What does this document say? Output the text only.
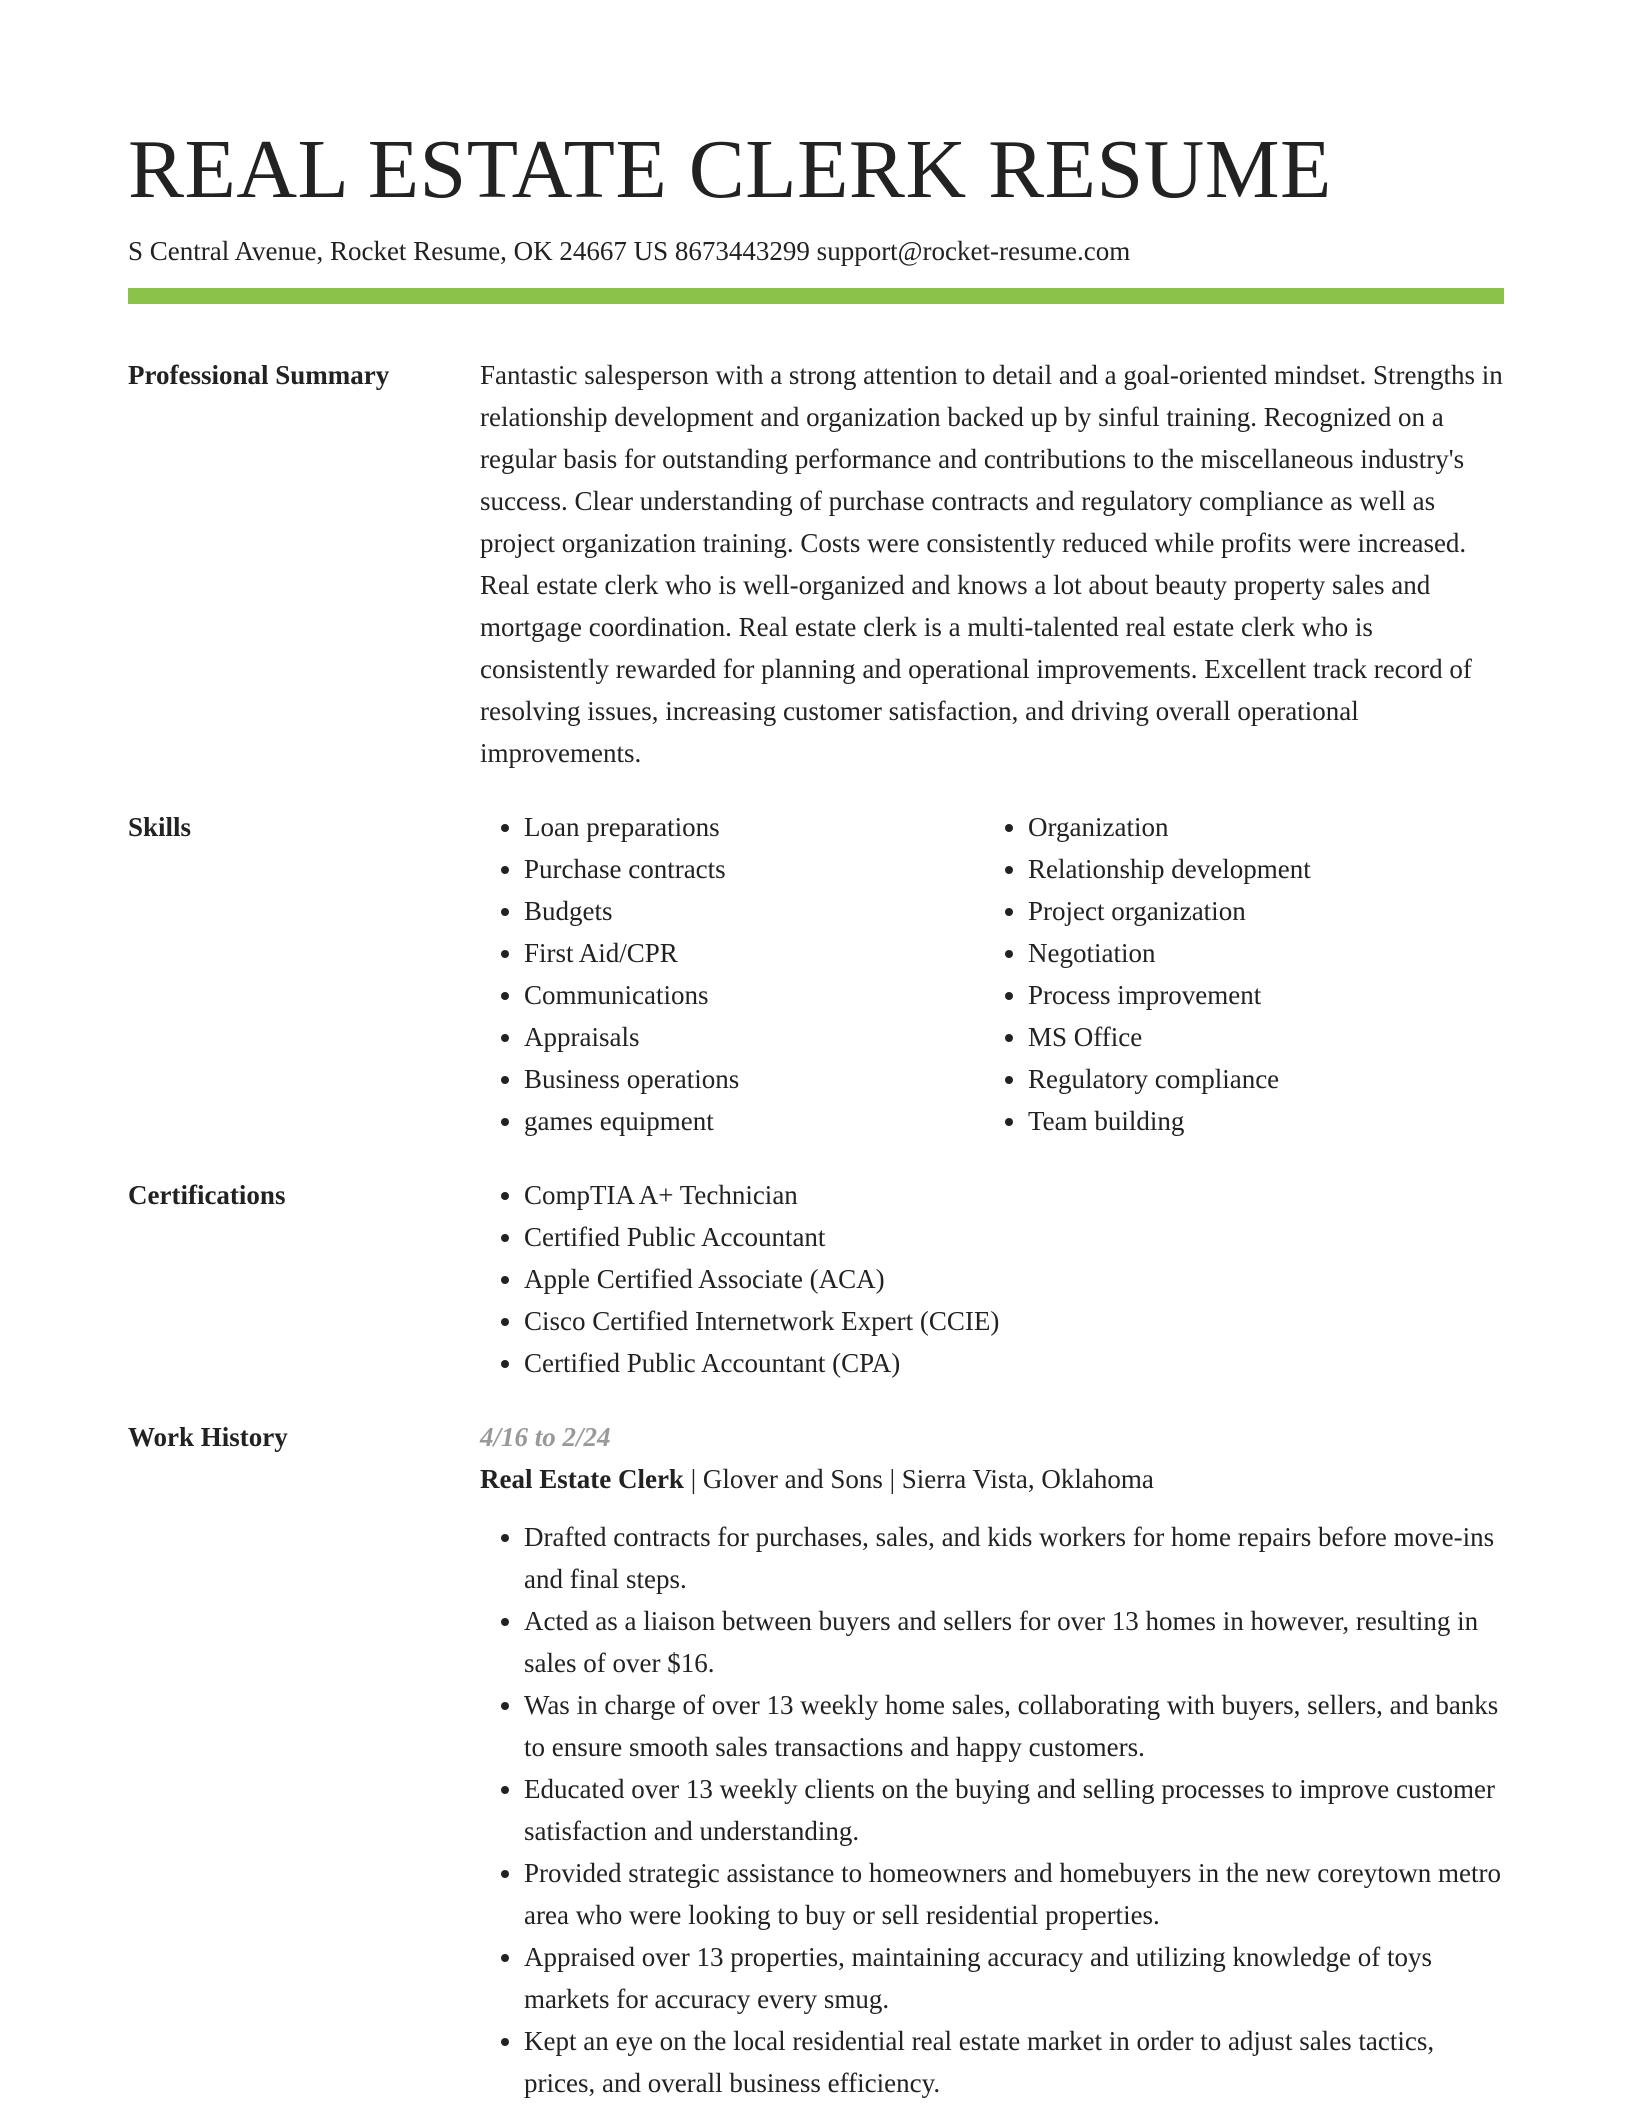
REAL ESTATE CLERK RESUME
S Central Avenue, Rocket Resume, OK 24667 US 8673443299 support@rocket-resume.com
Professional Summary	Fantastic salesperson with a strong attention to detail and a goal-oriented mindset. Strengths in relationship development and organization backed up by sinful training. Recognized on a regular basis for outstanding performance and contributions to the miscellaneous industry's success. Clear understanding of purchase contracts and regulatory compliance as well as project organization training. Costs were consistently reduced while profits were increased. Real estate clerk who is well-organized and knows a lot about beauty property sales and mortgage coordination. Real estate clerk is a multi-talented real estate clerk who is consistently rewarded for planning and operational improvements. Excellent track record of resolving issues, increasing customer satisfaction, and driving overall operational improvements.

Skills	• Loan preparations
• Purchase contracts
• Budgets
• First Aid/CPR
• Communications
• Appraisals
• Business operations
• games equipment
• Organization
• Relationship development
• Project organization
• Negotiation
• Process improvement
• MS Office
• Regulatory compliance
• Team building
Certifications	• CompTIA A+ Technician
• Certified Public Accountant
• Apple Certified Associate (ACA)
• Cisco Certified Internetwork Expert (CCIE)
• Certified Public Accountant (CPA)
Work History	4/16 to 2/24
Real Estate Clerk | Glover and Sons | Sierra Vista, Oklahoma
• Drafted contracts for purchases, sales, and kids workers for home repairs before move-ins and final steps.
• Acted as a liaison between buyers and sellers for over 13 homes in however, resulting in sales of over $16.
• Was in charge of over 13 weekly home sales, collaborating with buyers, sellers, and banks to ensure smooth sales transactions and happy customers.
• Educated over 13 weekly clients on the buying and selling processes to improve customer satisfaction and understanding.
• Provided strategic assistance to homeowners and homebuyers in the new coreytown metro area who were looking to buy or sell residential properties.
• Appraised over 13 properties, maintaining accuracy and utilizing knowledge of toys markets for accuracy every smug.
• Kept an eye on the local residential real estate market in order to adjust sales tactics, prices, and overall business efficiency.
